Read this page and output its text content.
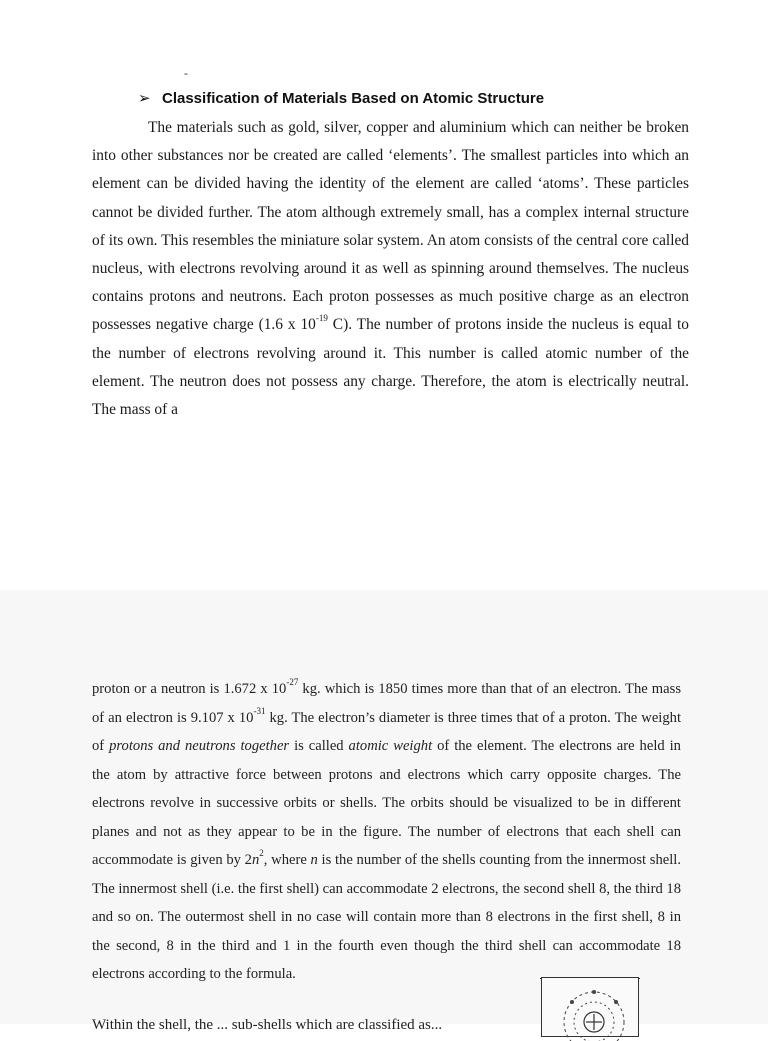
-
➢ Classification of Materials Based on Atomic Structure

The materials such as gold, silver, copper and aluminium which can neither be broken into other substances nor be created are called ‘elements’. The smallest particles into which an element can be divided having the identity of the element are called ‘atoms’. These particles cannot be divided further. The atom although extremely small, has a complex internal structure of its own. This resembles the miniature solar system. An atom consists of the central core called nucleus, with electrons revolving around it as well as spinning around themselves. The nucleus contains protons and neutrons. Each proton possesses as much positive charge as an electron possesses negative charge (1.6 x $10^{-19}$ C). The number of protons inside the nucleus is equal to the number of electrons revolving around it. This number is called atomic number of the element. The neutron does not possess any charge. Therefore, the atom is electrically neutral. The mass of a

proton or a neutron is 1.672 x $10^{-27}$ kg. which is 1850 times more than that of an electron. The mass of an electron is 9.107 x $10^{-31}$ kg. The electron’s diameter is three times that of a proton. The weight of protons and neutrons together is called atomic weight of the element. The electrons are held in the atom by attractive force between protons and electrons which carry opposite charges. The electrons revolve in successive orbits or shells. The orbits should be visualized to be in different planes and not as they appear to be in the figure. The number of electrons that each shell can accommodate is given by $2n^2$, where n is the number of the shells counting from the innermost shell. The innermost shell (i.e. the first shell) can accommodate 2 electrons, the second shell 8, the third 18 and so on. The outermost shell in no case will contain more than 8 electrons in the first shell, 8 in the second, 8 in the third and 1 in the fourth even though the third shell can accommodate 18 electrons according to the formula.

Within the shell, the ... sub-shells which are classified as...
